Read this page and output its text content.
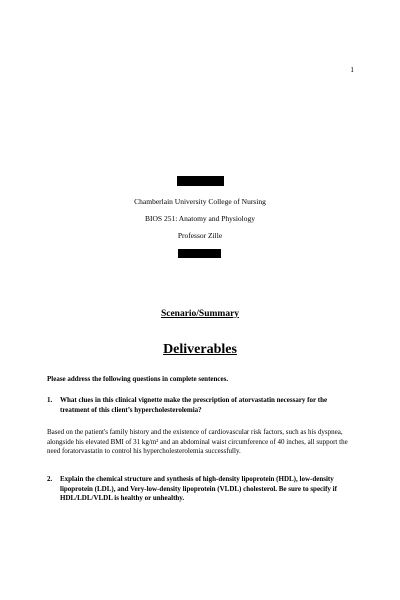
1
Chamberlain University College of Nursing
BIOS 251: Anatomy and Physiology
Professor Zille
Scenario/Summary
Deliverables
Please address the following questions in complete sentences.
1. What clues in this clinical vignette make the prescription of atorvastatin necessary for the treatment of this client’s hypercholesterolemia?
Based on the patient's family history and the existence of cardiovascular risk factors, such as his dyspnea, alongside his elevated BMI of 31 kg/m² and an abdominal waist circumference of 40 inches, all support the need foratorvastatin to control his hypercholesterolemia successfully.
2. Explain the chemical structure and synthesis of high-density lipoprotein (HDL), low-density lipoprotein (LDL), and Very-low-density lipoprotein (VLDL) cholesterol. Be sure to specify if HDL/LDL/VLDL is healthy or unhealthy.
